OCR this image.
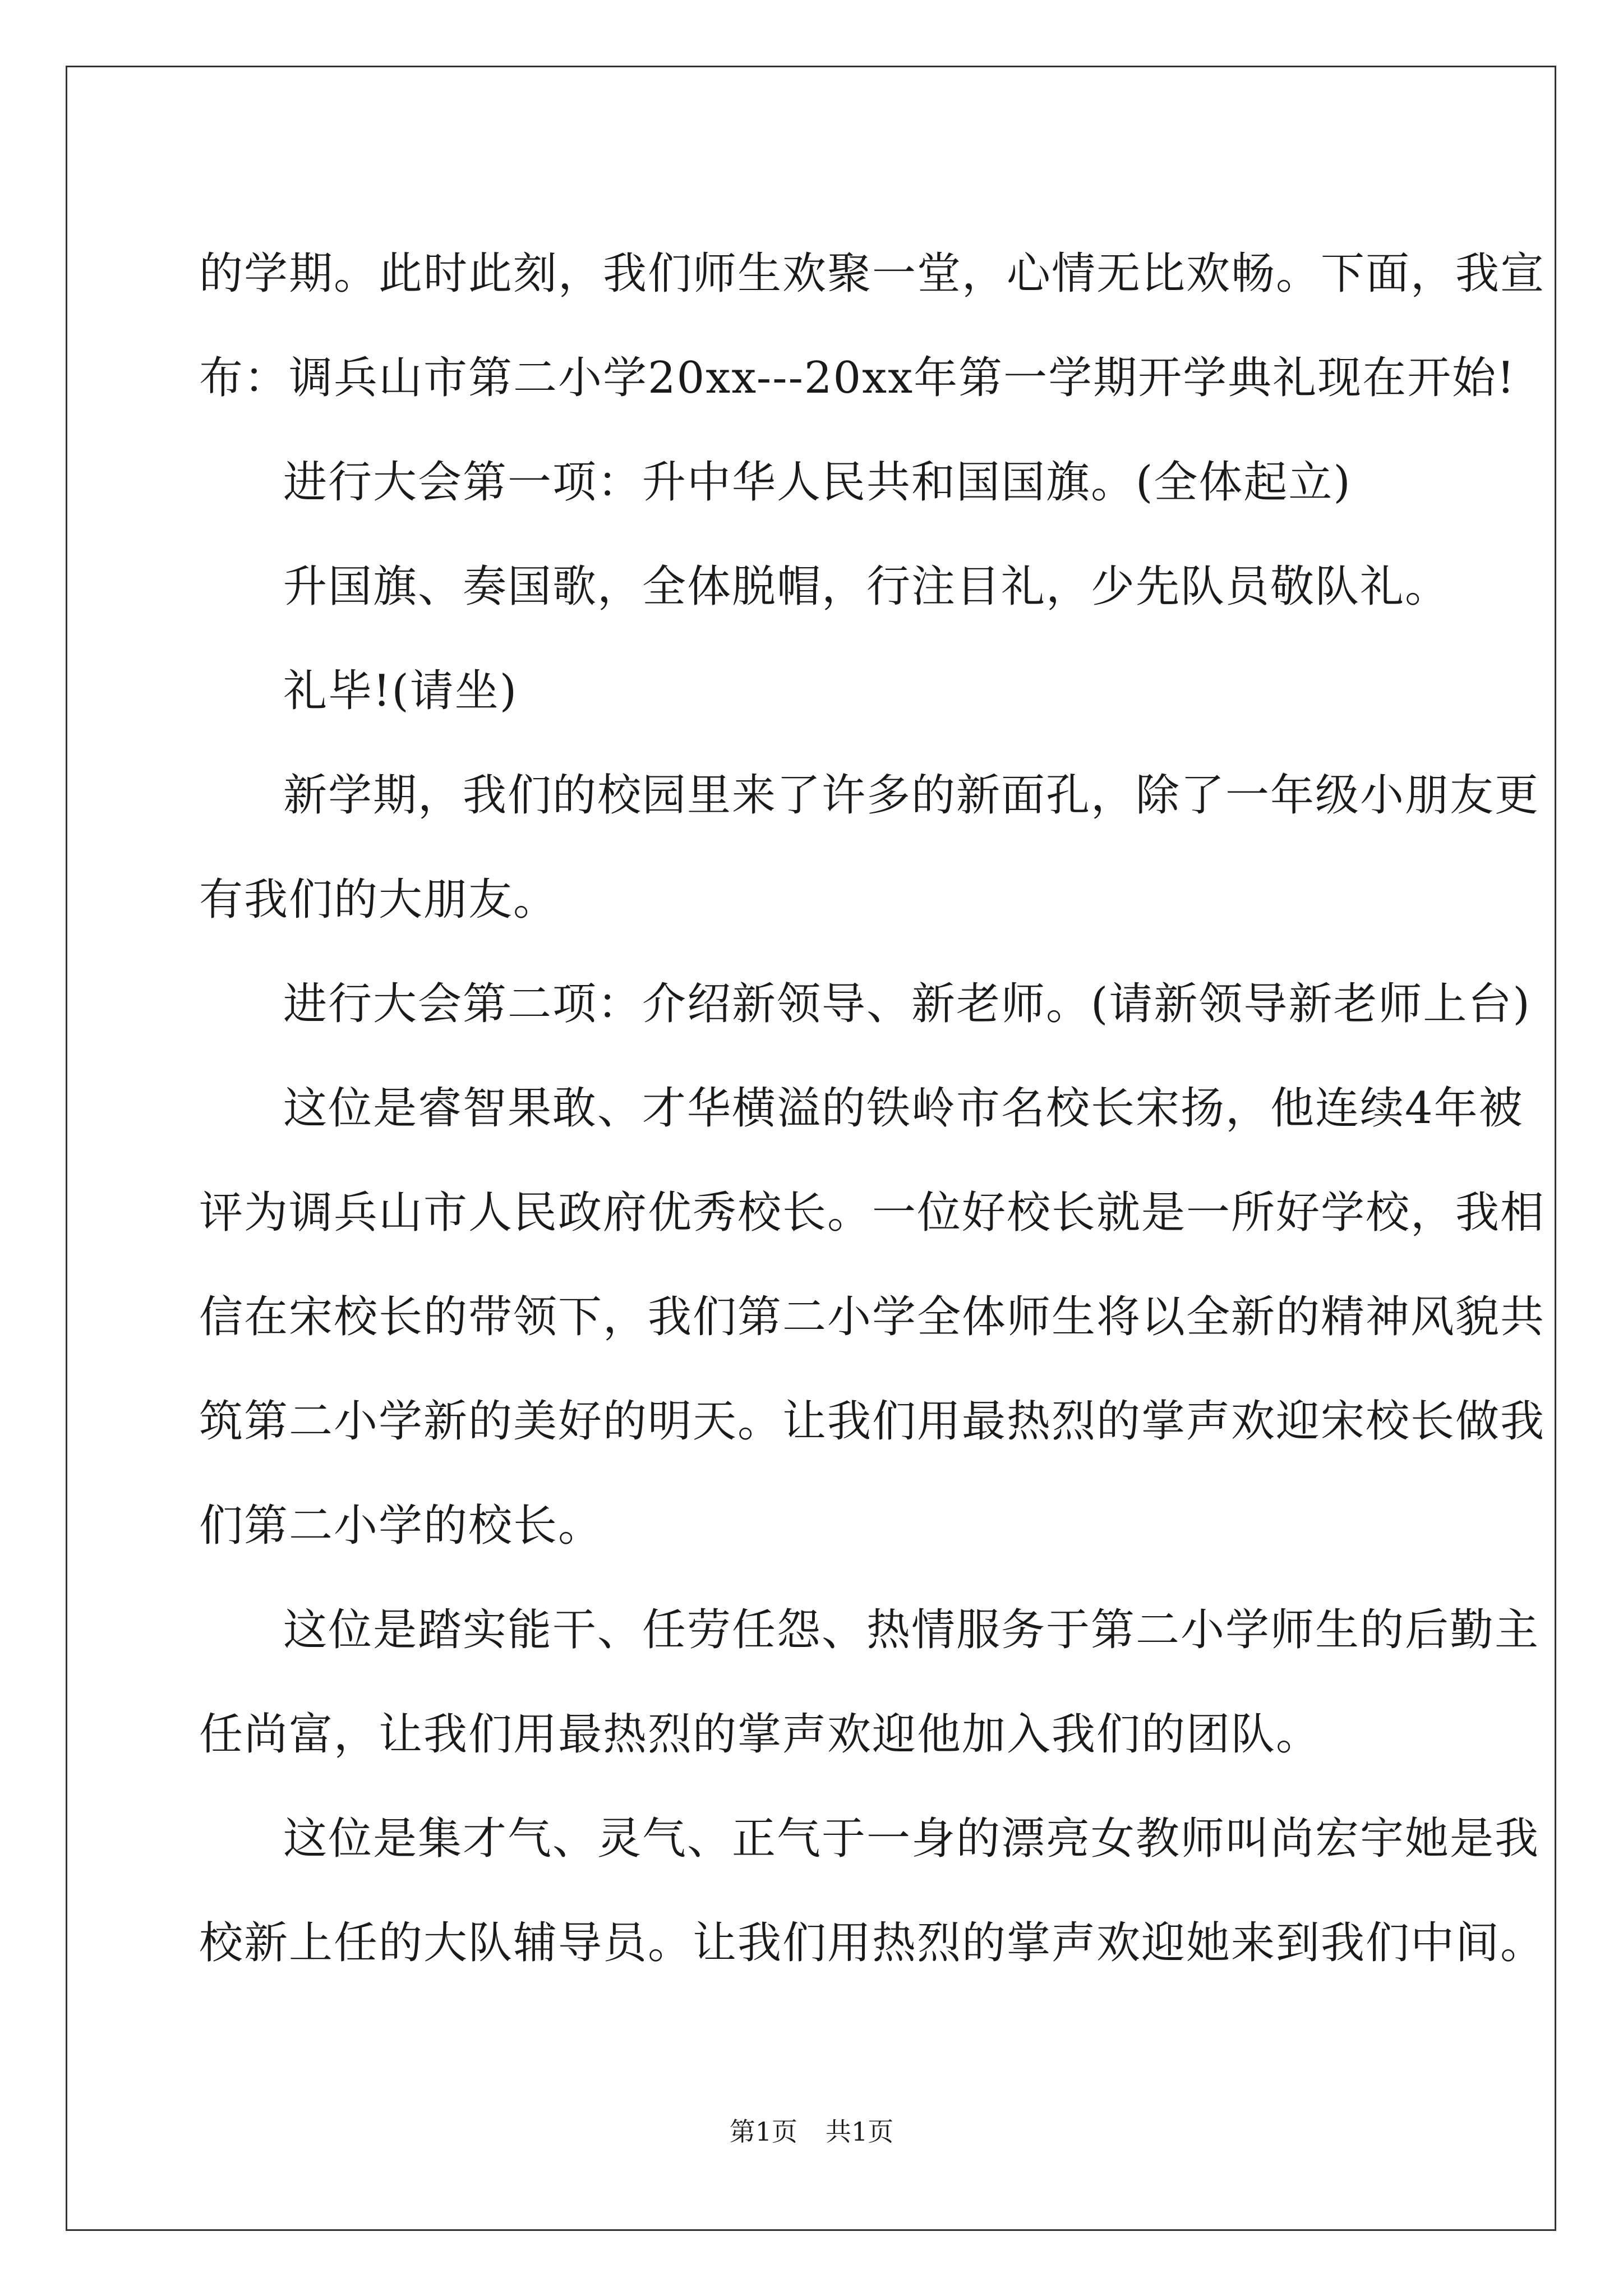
的学期。此时此刻，我们师生欢聚一堂，心情无比欢畅。下面，我宣
布：调兵山市第二小学20xx---20xx年第一学期开学典礼现在开始!
进行大会第一项：升中华人民共和国国旗。(全体起立)
升国旗、奏国歌，全体脱帽，行注目礼，少先队员敬队礼。
礼毕!(请坐)
新学期，我们的校园里来了许多的新面孔，除了一年级小朋友更
有我们的大朋友。
进行大会第二项：介绍新领导、新老师。(请新领导新老师上台)
这位是睿智果敢、才华横溢的铁岭市名校长宋扬，他连续4年被
评为调兵山市人民政府优秀校长。一位好校长就是一所好学校，我相
信在宋校长的带领下，我们第二小学全体师生将以全新的精神风貌共
筑第二小学新的美好的明天。让我们用最热烈的掌声欢迎宋校长做我
们第二小学的校长。
这位是踏实能干、任劳任怨、热情服务于第二小学师生的后勤主
任尚富，让我们用最热烈的掌声欢迎他加入我们的团队。
这位是集才气、灵气、正气于一身的漂亮女教师叫尚宏宇她是我
校新上任的大队辅导员。让我们用热烈的掌声欢迎她来到我们中间。
第1页 共1页
